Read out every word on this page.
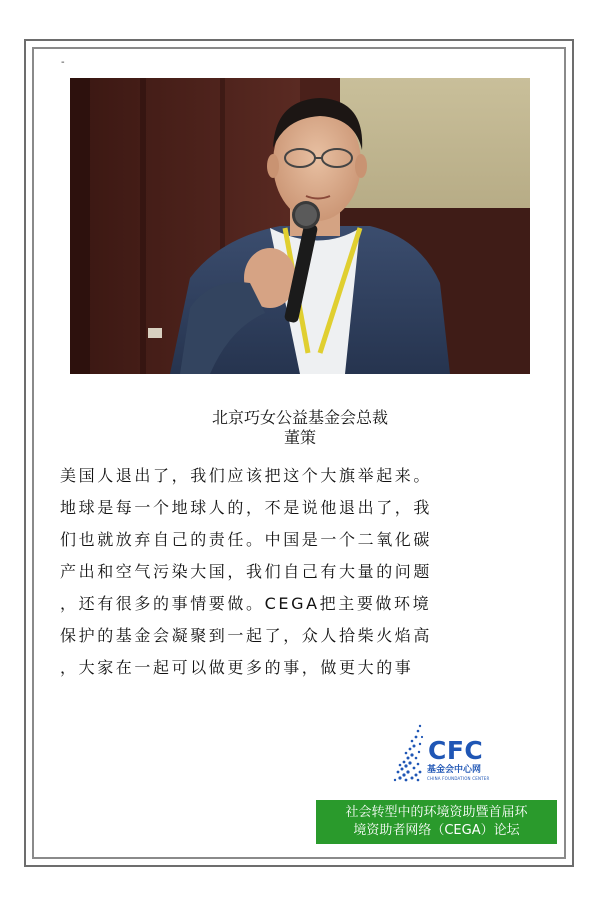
-
北京巧女公益基金会总裁
董策
美国人退出了，我们应该把这个大旗举起来。
地球是每一个地球人的，不是说他退出了，我
们也就放弃自己的责任。中国是一个二氧化碳
产出和空气污染大国，我们自己有大量的问题
，还有很多的事情要做。CEGA把主要做环境
保护的基金会凝聚到一起了，众人拾柴火焰高
，大家在一起可以做更多的事，做更大的事
CFC
基金会中心网
CHINA FOUNDATION CENTER
社会转型中的环境资助暨首届环
境资助者网络（CEGA）论坛
